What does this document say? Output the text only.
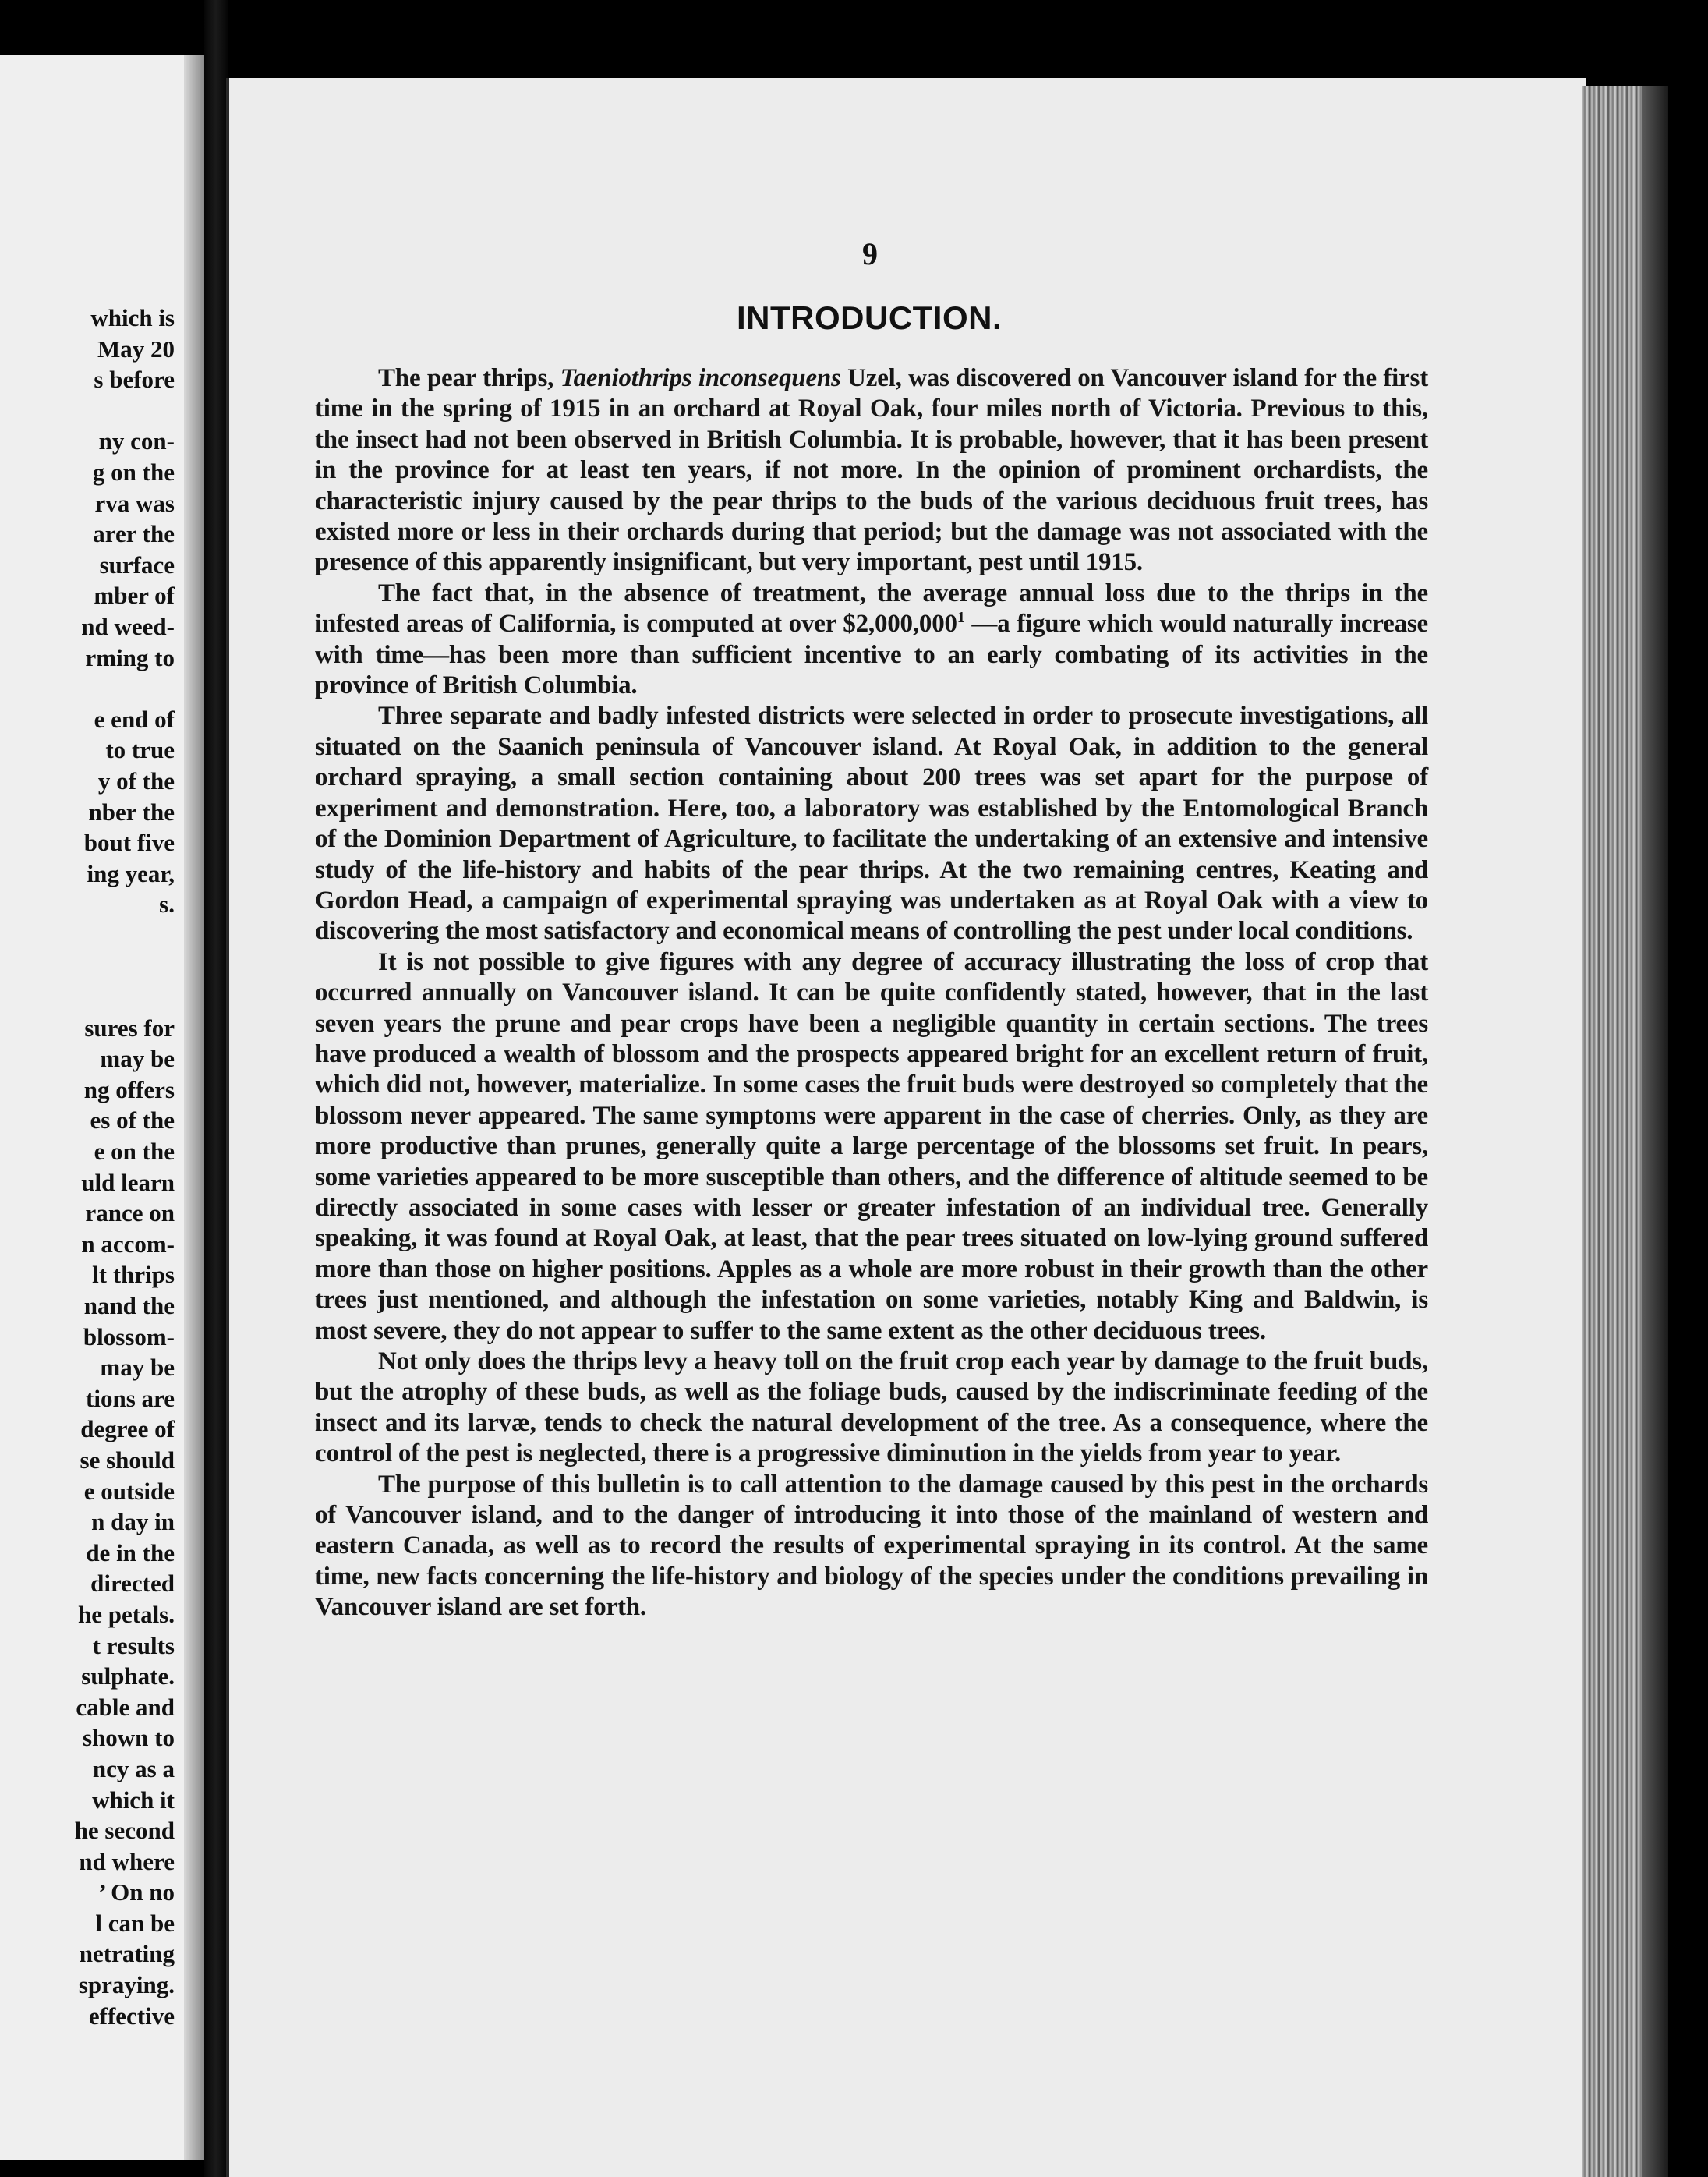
which is
May 20
s before

ny con-
g on the
rva was
arer the
surface
mber of
nd weed-
rming to

e end of
to true
y of the
nber the
bout five
ing year,
s.

sures for
may be
ng offers
es of the
e on the
uld learn
rance on
n accom-
lt thrips
nand the
blossom-
may be
tions are
degree of
se should
e outside
n day in
de in the
directed
he petals.
t results
sulphate.
cable and
shown to
ncy as a
which it
he second
nd where
’ On no
l can be
netrating
spraying.
effective
9
INTRODUCTION.

The pear thrips, Taeniothrips inconsequens Uzel, was discovered on Vancouver island for the first time in the spring of 1915 in an orchard at Royal Oak, four miles north of Victoria. Previous to this, the insect had not been observed in British Columbia. It is probable, however, that it has been present in the province for at least ten years, if not more. In the opinion of prominent orchardists, the characteristic injury caused by the pear thrips to the buds of the various deciduous fruit trees, has existed more or less in their orchards during that period; but the damage was not associated with the presence of this apparently insignificant, but very important, pest until 1915.

The fact that, in the absence of treatment, the average annual loss due to the thrips in the infested areas of California, is computed at over $2,000,000$^1$ —a figure which would naturally increase with time—has been more than sufficient incentive to an early combating of its activities in the province of British Columbia.

Three separate and badly infested districts were selected in order to prosecute investigations, all situated on the Saanich peninsula of Vancouver island. At Royal Oak, in addition to the general orchard spraying, a small section containing about 200 trees was set apart for the purpose of experiment and demonstration. Here, too, a laboratory was established by the Entomological Branch of the Dominion Department of Agriculture, to facilitate the undertaking of an extensive and intensive study of the life-history and habits of the pear thrips. At the two remaining centres, Keating and Gordon Head, a campaign of experimental spraying was undertaken as at Royal Oak with a view to discovering the most satisfactory and economical means of controlling the pest under local conditions.

It is not possible to give figures with any degree of accuracy illustrating the loss of crop that occurred annually on Vancouver island. It can be quite confidently stated, however, that in the last seven years the prune and pear crops have been a negligible quantity in certain sections. The trees have produced a wealth of blossom and the prospects appeared bright for an excellent return of fruit, which did not, however, materialize. In some cases the fruit buds were destroyed so completely that the blossom never appeared. The same symptoms were apparent in the case of cherries. Only, as they are more productive than prunes, generally quite a large percentage of the blossoms set fruit. In pears, some varieties appeared to be more susceptible than others, and the difference of altitude seemed to be directly associated in some cases with lesser or greater infestation of an individual tree. Generally speaking, it was found at Royal Oak, at least, that the pear trees situated on low-lying ground suffered more than those on higher positions. Apples as a whole are more robust in their growth than the other trees just mentioned, and although the infestation on some varieties, notably King and Baldwin, is most severe, they do not appear to suffer to the same extent as the other deciduous trees.

Not only does the thrips levy a heavy toll on the fruit crop each year by damage to the fruit buds, but the atrophy of these buds, as well as the foliage buds, caused by the indiscriminate feeding of the insect and its larvæ, tends to check the natural development of the tree. As a consequence, where the control of the pest is neglected, there is a progressive diminution in the yields from year to year.

The purpose of this bulletin is to call attention to the damage caused by this pest in the orchards of Vancouver island, and to the danger of introducing it into those of the mainland of western and eastern Canada, as well as to record the results of experimental spraying in its control. At the same time, new facts concerning the life-history and biology of the species under the conditions prevailing in Vancouver island are set forth.
